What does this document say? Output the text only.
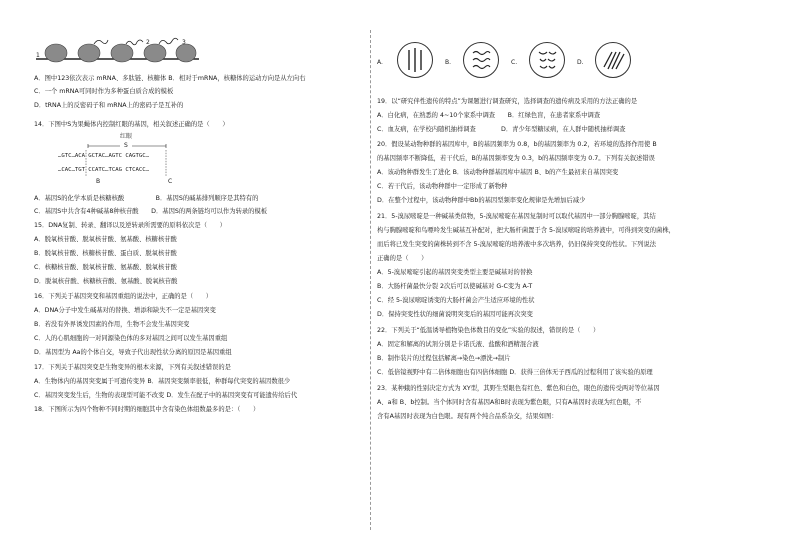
1
2	3
A．图中123依次表示 mRNA、多肽链、核糖体 B．相对于mRNA，核糖体的运动方向是从左向右
C．一个 mRNA可同时作为多种蛋白质合成的模板
D．tRNA上的反密码子和 mRNA上的密码子是互补的
14．下图中S为果蝇体内控制红眼的基因，相关叙述正确的是（　　）
红眼
S
…GTC…ACA GCTAC…AGTC CAGTGC…
…CAC…TGT CCATC…TCAG CTCACC…
B	C
A．基因S的化学本质是核糖核酸　　　　　B．基因S的碱基排列顺序是其特有的
C．基因S中共含有4种碱基8种核苷酸　　D．基因S的两条链均可以作为转录的模板
15．DNA复制、转录、翻译以及逆转录所需要的原料依次是（　　）
A．脱氧核苷酸、脱氧核苷酸、氨基酸、核糖核苷酸
B．脱氧核苷酸、核糖核苷酸、蛋白质、脱氧核苷酸
C．核糖核苷酸、脱氧核苷酸、氨基酸、脱氧核苷酸
D．脱氧核苷酸、核糖核苷酸、氨基酸、脱氧核苷酸
16．下列关于基因突变和基因重组的说法中，正确的是（　　）
A．DNA分子中发生碱基对的替换、增添和缺失不一定是基因突变
B．若没有外界诱发因素的作用，生物不会发生基因突变
C．人的心肌细胞的一对同源染色体的多对基因之间可以发生基因重组
D．基因型为 Aa的个体自交，导致子代出现性状分离的原因是基因重组
17．下列关于基因突变是生物变异的根本来源，下列有关叙述错误的是
A．生物体内的基因突变属于可遗传变异 B．基因突变频率很低，种群每代突变的基因数很少
C．基因突变发生后，生物的表现型可能不改变 D．发生在配子中的基因突变有可能遗传给后代
18．下图所示为四个物种不同时期的细胞其中含有染色体组数最多的是：（　　）
A.	B.	C.	D.
19．以“研究伴性遗传的特点”为课题进行调查研究，选择调查的遗传病及采用的方法正确的是
A．白化病，在熟悉的 4~10个家系中调查　　B．红绿色盲，在患者家系中调查
C．血友病，在学校内随机抽样调查　　　　D．青少年型糖尿病，在人群中随机抽样调查
20．假设某动物种群的基因库中，B的基因频率为 0.8，b的基因频率为 0.2，若环境的选择作用使 B
的基因频率不断降低，若干代后，B的基因频率变为 0.3，b的基因频率变为 0.7。下列有关叙述错误
A．该动物种群发生了进化 B．该动物种群基因库中基因 B、b的产生最初来自基因突变
C．若干代后，该动物种群中一定形成了新物种
D．在整个过程中，该动物种群中Bb的基因型频率变化规律是先增加后减少
21．5-溴尿嘧啶是一种碱基类似物，5-溴尿嘧啶在基因复制时可以取代基因中一部分胸腺嘧啶，其结
构与胸腺嘧啶和鸟嘌呤发生碱基互补配对，把大肠杆菌置于含 5-溴尿嘧啶的培养液中，可得到突变的菌株，
而后将已发生突变的菌株转到不含 5-溴尿嘧啶的培养液中多次培养，仍旧保持突变的性状。下列说法
正确的是（　　）
A．5-溴尿嘧啶引起的基因突变类型主要是碱基对的替换
B．大肠杆菌最快分裂 2次后可以使碱基对 G-C变为 A-T
C．经 5-溴尿嘧啶诱变的大肠杆菌会产生适应环境的性状
D．保持突变性状的细菌说明突变后的基因可能再次突变
22．下列关于“低温诱导植物染色体数目的变化”实验的叙述，错误的是（　　）
A．固定和解离的试剂分别是卡诺氏液、盐酸和酒精混合液
B．制作装片的过程包括解离→染色→漂洗→制片
C．低倍镜视野中有二倍体细胞也有四倍体细胞 D．获得三倍体无子西瓜的过程利用了该实验的原理
23．某种蛾的性别决定方式为 XY型，其野生型眼色有红色、紫色和白色，眼色的遗传受两对等位基因
A、a和 B、b控制。当个体同时含有基因A和B时表现为紫色眼，只有A基因时表现为红色眼，不
含有A基因时表现为白色眼。现有两个纯合品系杂交，结果如图：
